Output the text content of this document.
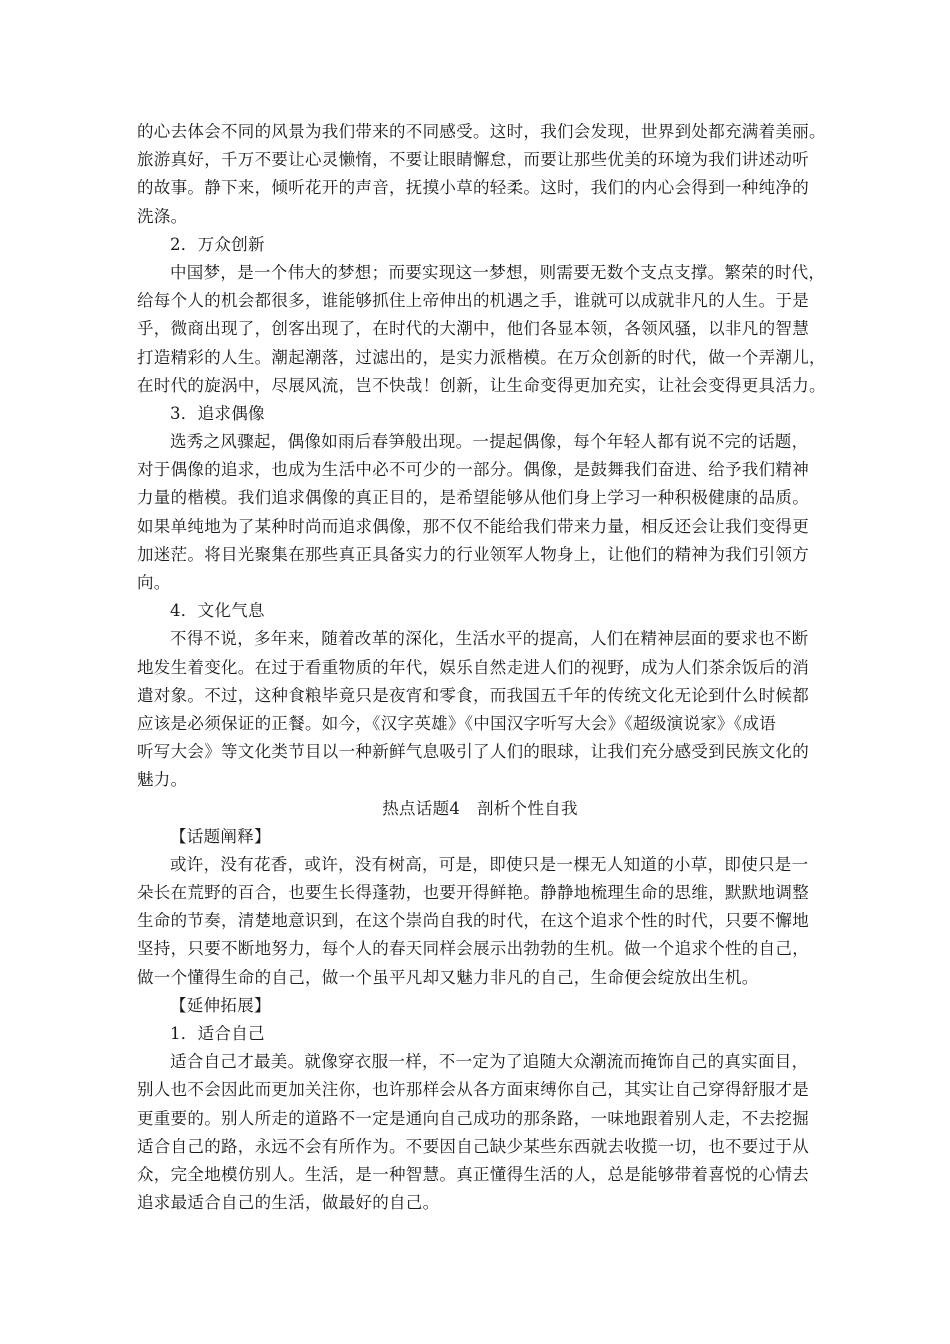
的心去体会不同的风景为我们带来的不同感受。这时，我们会发现，世界到处都充满着美丽。
旅游真好，千万不要让心灵懒惰，不要让眼睛懈怠，而要让那些优美的环境为我们讲述动听
的故事。静下来，倾听花开的声音，抚摸小草的轻柔。这时，我们的内心会得到一种纯净的
洗涤。
2．万众创新
中国梦，是一个伟大的梦想；而要实现这一梦想，则需要无数个支点支撑。繁荣的时代，
给每个人的机会都很多，谁能够抓住上帝伸出的机遇之手，谁就可以成就非凡的人生。于是
乎，微商出现了，创客出现了，在时代的大潮中，他们各显本领，各领风骚，以非凡的智慧
打造精彩的人生。潮起潮落，过滤出的，是实力派楷模。在万众创新的时代，做一个弄潮儿，
在时代的旋涡中，尽展风流，岂不快哉！创新，让生命变得更加充实，让社会变得更具活力。
3．追求偶像
选秀之风骤起，偶像如雨后春笋般出现。一提起偶像，每个年轻人都有说不完的话题，
对于偶像的追求，也成为生活中必不可少的一部分。偶像，是鼓舞我们奋进、给予我们精神
力量的楷模。我们追求偶像的真正目的，是希望能够从他们身上学习一种积极健康的品质。
如果单纯地为了某种时尚而追求偶像，那不仅不能给我们带来力量，相反还会让我们变得更
加迷茫。将目光聚集在那些真正具备实力的行业领军人物身上，让他们的精神为我们引领方
向。
4．文化气息
不得不说，多年来，随着改革的深化，生活水平的提高，人们在精神层面的要求也不断
地发生着变化。在过于看重物质的年代，娱乐自然走进人们的视野，成为人们茶余饭后的消
遣对象。不过，这种食粮毕竟只是夜宵和零食，而我国五千年的传统文化无论到什么时候都
应该是必须保证的正餐。如今，《汉字英雄》《中国汉字听写大会》《超级演说家》《成语
听写大会》等文化类节目以一种新鲜气息吸引了人们的眼球，让我们充分感受到民族文化的
魅力。
热点话题4　剖析个性自我
【话题阐释】
或许，没有花香，或许，没有树高，可是，即使只是一棵无人知道的小草，即使只是一
朵长在荒野的百合，也要生长得蓬勃，也要开得鲜艳。静静地梳理生命的思维，默默地调整
生命的节奏，清楚地意识到，在这个崇尚自我的时代，在这个追求个性的时代，只要不懈地
坚持，只要不断地努力，每个人的春天同样会展示出勃勃的生机。做一个追求个性的自己，
做一个懂得生命的自己，做一个虽平凡却又魅力非凡的自己，生命便会绽放出生机。
【延伸拓展】
1．适合自己
适合自己才最美。就像穿衣服一样，不一定为了追随大众潮流而掩饰自己的真实面目，
别人也不会因此而更加关注你，也许那样会从各方面束缚你自己，其实让自己穿得舒服才是
更重要的。别人所走的道路不一定是通向自己成功的那条路，一味地跟着别人走，不去挖掘
适合自己的路，永远不会有所作为。不要因自己缺少某些东西就去收揽一切，也不要过于从
众，完全地模仿别人。生活，是一种智慧。真正懂得生活的人，总是能够带着喜悦的心情去
追求最适合自己的生活，做最好的自己。
